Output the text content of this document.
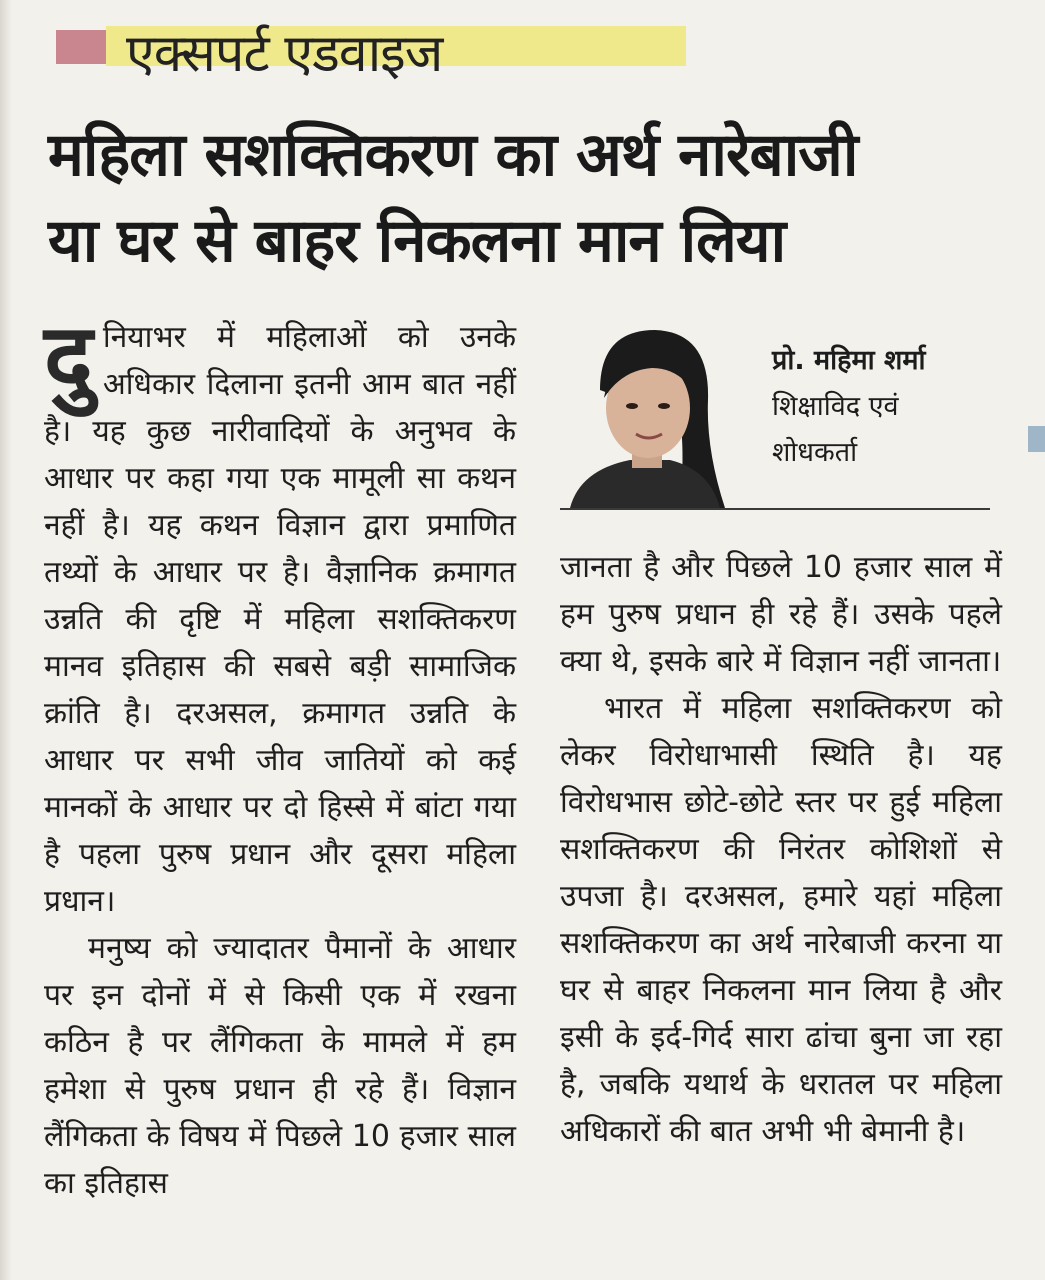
एक्सपर्ट एडवाइज
महिला सशक्तिकरण का अर्थ नारेबाजी
या घर से बाहर निकलना मान लिया
प्रो. महिमा शर्मा
शिक्षाविद एवं
शोधकर्ता

दुनियाभर में महिलाओं को उनके अधिकार दिलाना इतनी आम बात नहीं है। यह कुछ नारीवादियों के अनुभव के आधार पर कहा गया एक मामूली सा कथन नहीं है। यह कथन विज्ञान द्वारा प्रमाणित तथ्यों के आधार पर है। वैज्ञानिक क्रमागत उन्नति की दृष्टि में महिला सशक्तिकरण मानव इतिहास की सबसे बड़ी सामाजिक क्रांति है। दरअसल, क्रमागत उन्नति के आधार पर सभी जीव जातियों को कई मानकों के आधार पर दो हिस्से में बांटा गया है पहला पुरुष प्रधान और दूसरा महिला प्रधान।

मनुष्य को ज्यादातर पैमानों के आधार पर इन दोनों में से किसी एक में रखना कठिन है पर लैंगिकता के मामले में हम हमेशा से पुरुष प्रधान ही रहे हैं। विज्ञान लैंगिकता के विषय में पिछले 10 हजार साल का इतिहास

जानता है और पिछले 10 हजार साल में हम पुरुष प्रधान ही रहे हैं। उसके पहले क्या थे, इसके बारे में विज्ञान नहीं जानता।

भारत में महिला सशक्तिकरण को लेकर विरोधाभासी स्थिति है। यह विरोधभास छोटे-छोटे स्तर पर हुई महिला सशक्तिकरण की निरंतर कोशिशों से उपजा है। दरअसल, हमारे यहां महिला सशक्तिकरण का अर्थ नारेबाजी करना या घर से बाहर निकलना मान लिया है और इसी के इर्द-गिर्द सारा ढांचा बुना जा रहा है, जबकि यथार्थ के धरातल पर महिला अधिकारों की बात अभी भी बेमानी है।
